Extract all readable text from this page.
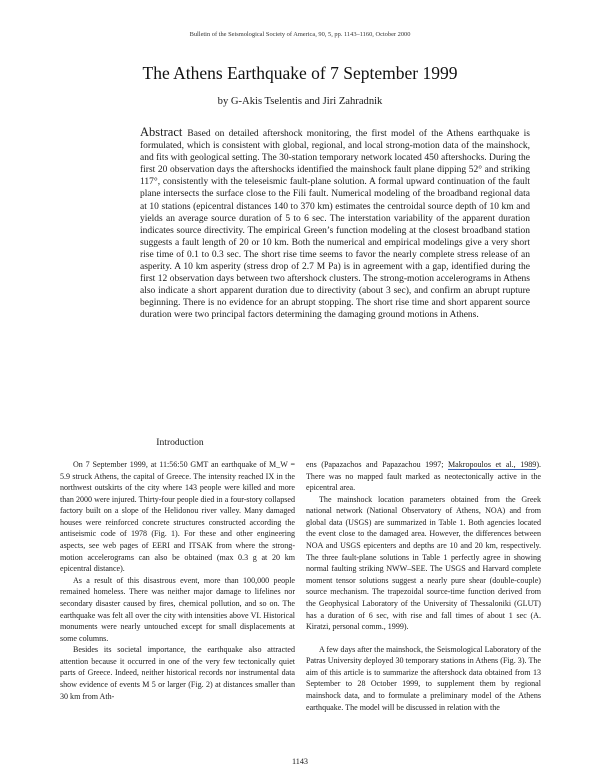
Bulletin of the Seismological Society of America, 90, 5, pp. 1143–1160, October 2000
The Athens Earthquake of 7 September 1999
by G-Akis Tselentis and Jiri Zahradnik
Abstract Based on detailed aftershock monitoring, the first model of the Athens earthquake is formulated, which is consistent with global, regional, and local strong-motion data of the mainshock, and fits with geological setting. The 30-station temporary network located 450 aftershocks. During the first 20 observation days the aftershocks identified the mainshock fault plane dipping 52° and striking 117°, consistently with the teleseismic fault-plane solution. A formal upward continuation of the fault plane intersects the surface close to the Fili fault. Numerical modeling of the broadband regional data at 10 stations (epicentral distances 140 to 370 km) estimates the centroidal source depth of 10 km and yields an average source duration of 5 to 6 sec. The interstation variability of the apparent duration indicates source directivity. The empirical Green’s function modeling at the closest broadband station suggests a fault length of 20 or 10 km. Both the numerical and empirical modelings give a very short rise time of 0.1 to 0.3 sec. The short rise time seems to favor the nearly complete stress release of an asperity. A 10 km asperity (stress drop of 2.7 M Pa) is in agreement with a gap, identified during the first 12 observation days between two aftershock clusters. The strong-motion accelerograms in Athens also indicate a short apparent duration due to directivity (about 3 sec), and confirm an abrupt rupture beginning. There is no evidence for an abrupt stopping. The short rise time and short apparent source duration were two principal factors determining the damaging ground motions in Athens.
Introduction

On 7 September 1999, at 11:56:50 GMT an earthquake of M_W = 5.9 struck Athens, the capital of Greece. The intensity reached IX in the northwest outskirts of the city where 143 people were killed and more than 2000 were injured. Thirty-four people died in a four-story collapsed factory built on a slope of the Helidonou river valley. Many damaged houses were reinforced concrete structures constructed according the antiseismic code of 1978 (Fig. 1). For these and other engineering aspects, see web pages of EERI and ITSAK from where the strong-motion accelerograms can also be obtained (max 0.3 g at 20 km epicentral distance).

As a result of this disastrous event, more than 100,000 people remained homeless. There was neither major damage to lifelines nor secondary disaster caused by fires, chemical pollution, and so on. The earthquake was felt all over the city with intensities above VI. Historical monuments were nearly untouched except for small displacements at some columns.

Besides its societal importance, the earthquake also attracted attention because it occurred in one of the very few tectonically quiet parts of Greece. Indeed, neither historical records nor instrumental data show evidence of events M 5 or larger (Fig. 2) at distances smaller than 30 km from Ath-

ens (Papazachos and Papazachou 1997; Makropoulos et al., 1989). There was no mapped fault marked as neotectonically active in the epicentral area.

The mainshock location parameters obtained from the Greek national network (National Observatory of Athens, NOA) and from global data (USGS) are summarized in Table 1. Both agencies located the event close to the damaged area. However, the differences between NOA and USGS epicenters and depths are 10 and 20 km, respectively. The three fault-plane solutions in Table 1 perfectly agree in showing normal faulting striking NWW–SEE. The USGS and Harvard complete moment tensor solutions suggest a nearly pure shear (double-couple) source mechanism. The trapezoidal source-time function derived from the Geophysical Laboratory of the University of Thessaloniki (GLUT) has a duration of 6 sec, with rise and fall times of about 1 sec (A. Kiratzi, personal comm., 1999).

A few days after the mainshock, the Seismological Laboratory of the Patras University deployed 30 temporary stations in Athens (Fig. 3). The aim of this article is to summarize the aftershock data obtained from 13 September to 28 October 1999, to supplement them by regional mainshock data, and to formulate a preliminary model of the Athens earthquake. The model will be discussed in relation with the

1143
